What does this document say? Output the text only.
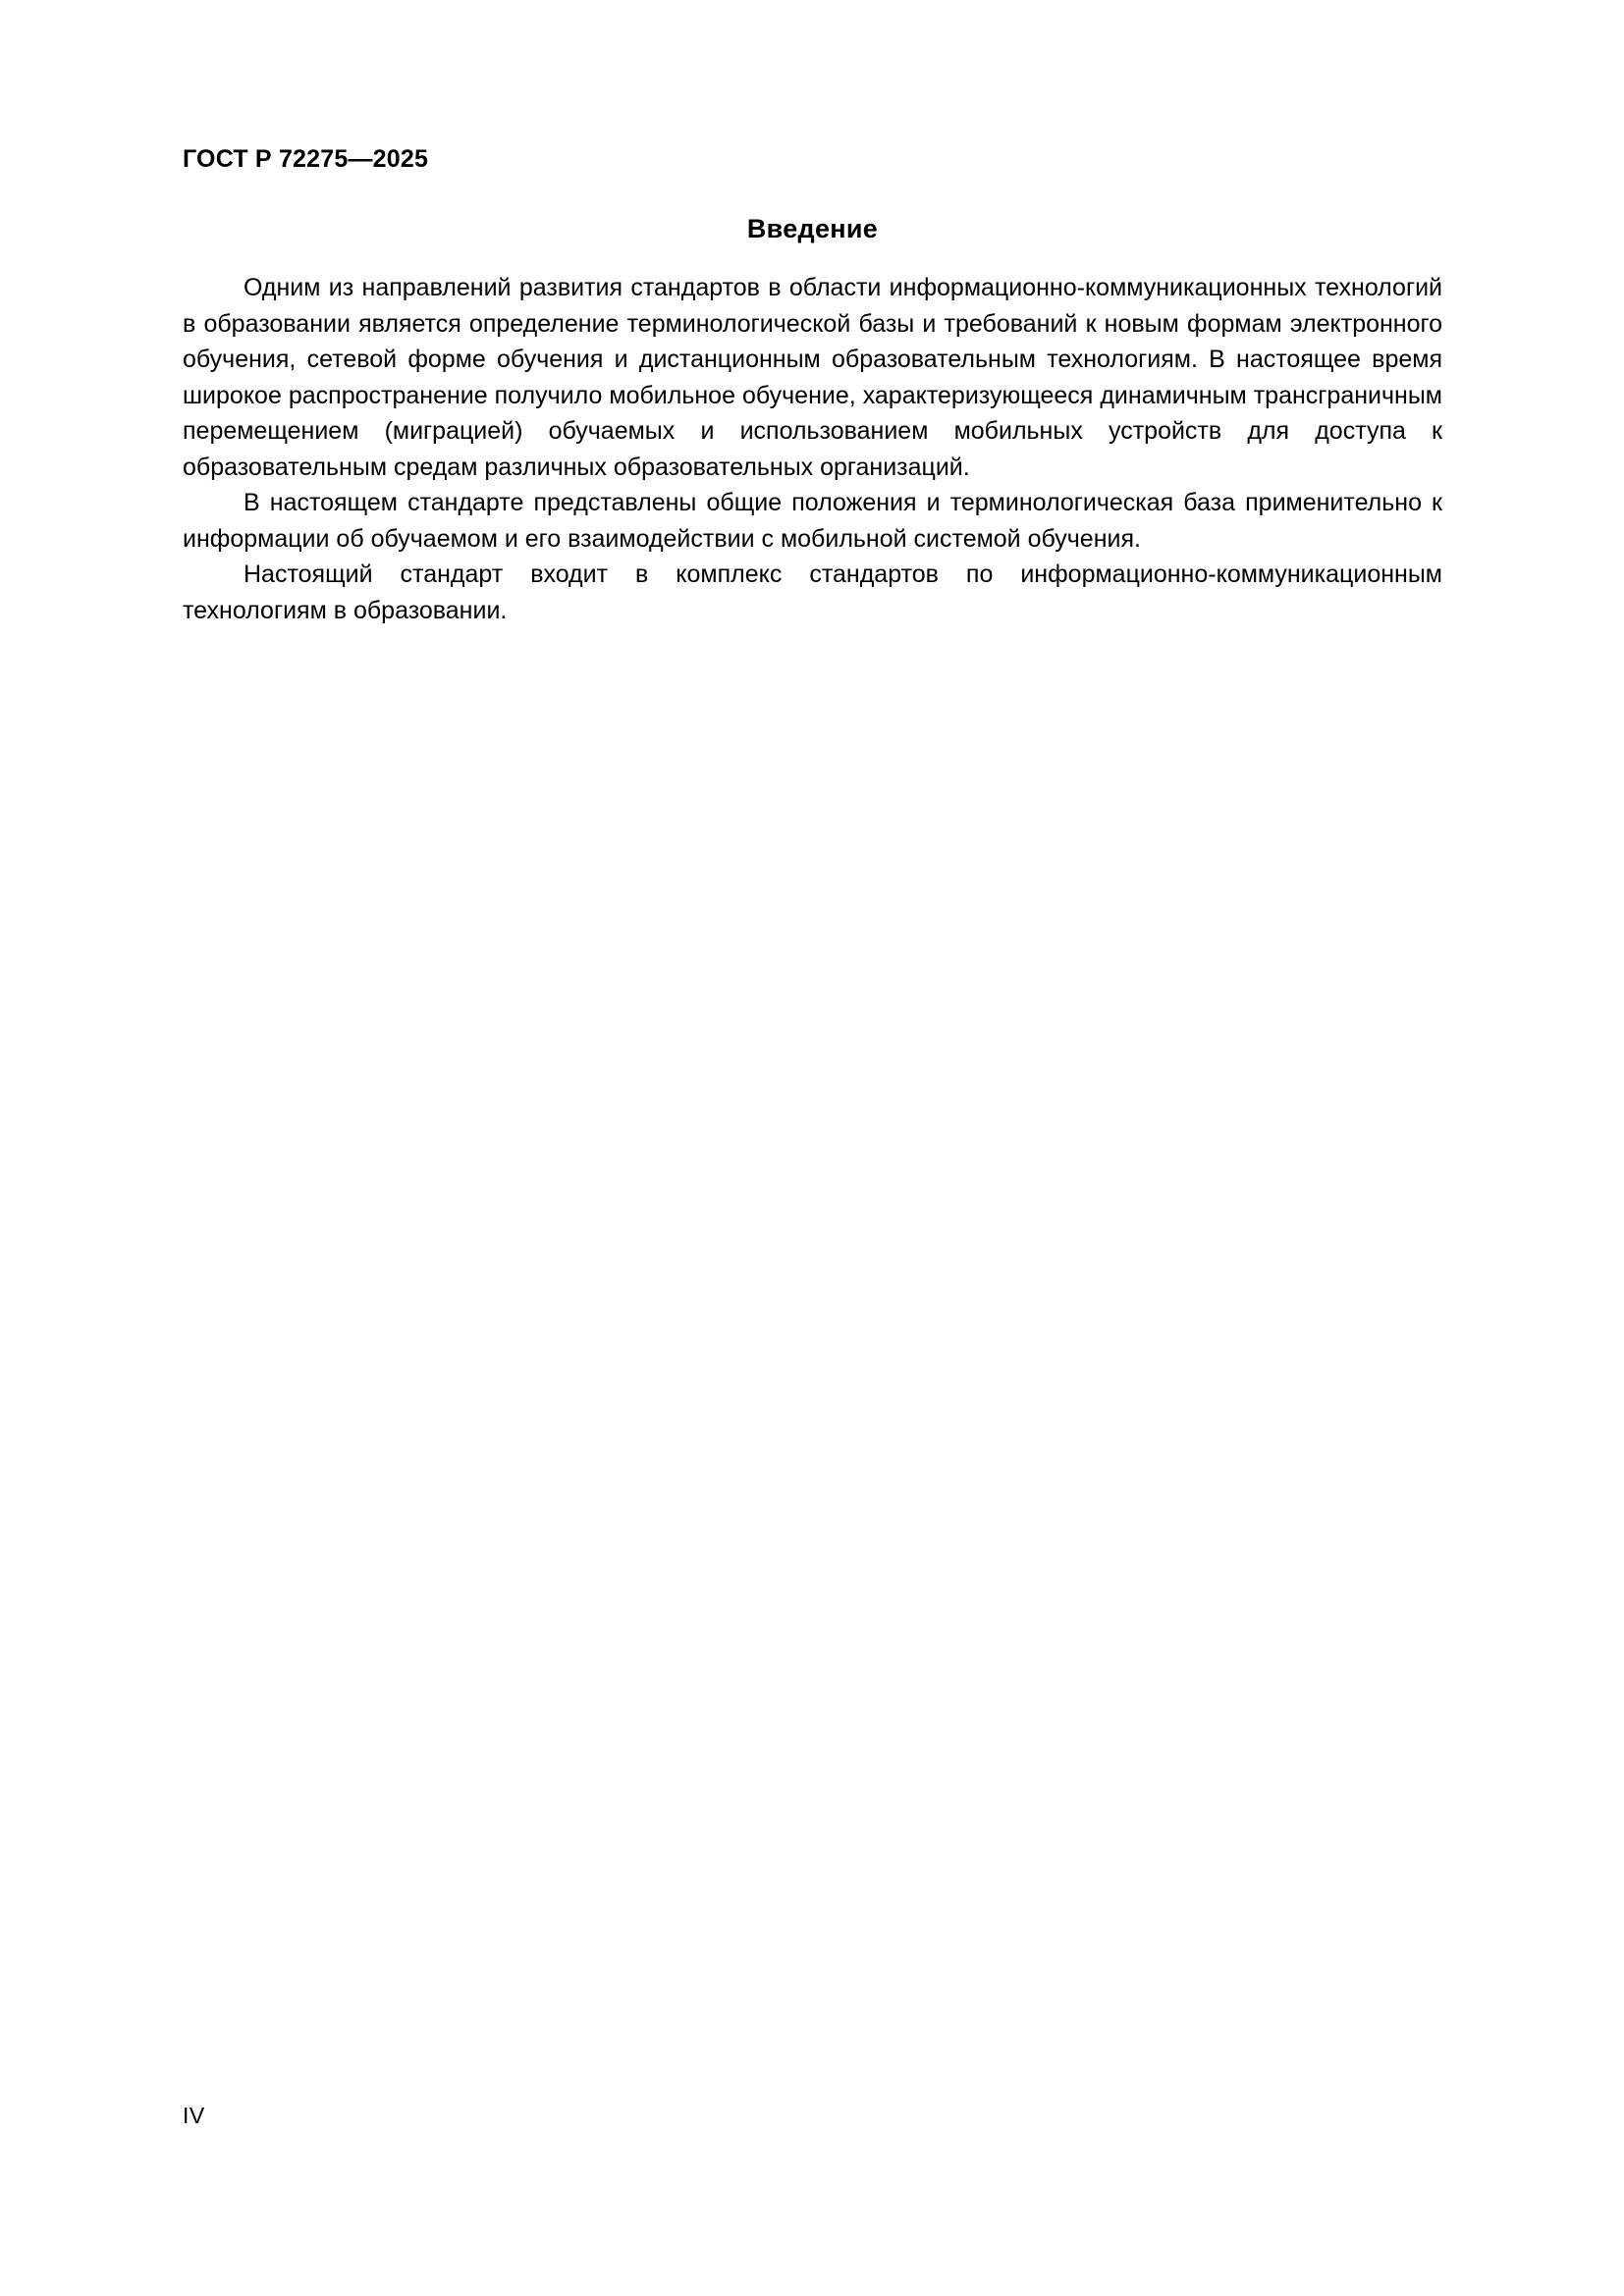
ГОСТ Р 72275—2025
Введение

Одним из направлений развития стандартов в области информационно-коммуникационных технологий в образовании является определение терминологической базы и требований к новым формам электронного обучения, сетевой форме обучения и дистанционным образовательным технологиям. В настоящее время широкое распространение получило мобильное обучение, характеризующееся динамичным трансграничным перемещением (миграцией) обучаемых и использованием мобильных устройств для доступа к образовательным средам различных образовательных организаций.

В настоящем стандарте представлены общие положения и терминологическая база применительно к информации об обучаемом и его взаимодействии с мобильной системой обучения.

Настоящий стандарт входит в комплекс стандартов по информационно-коммуникационным технологиям в образовании.

IV
